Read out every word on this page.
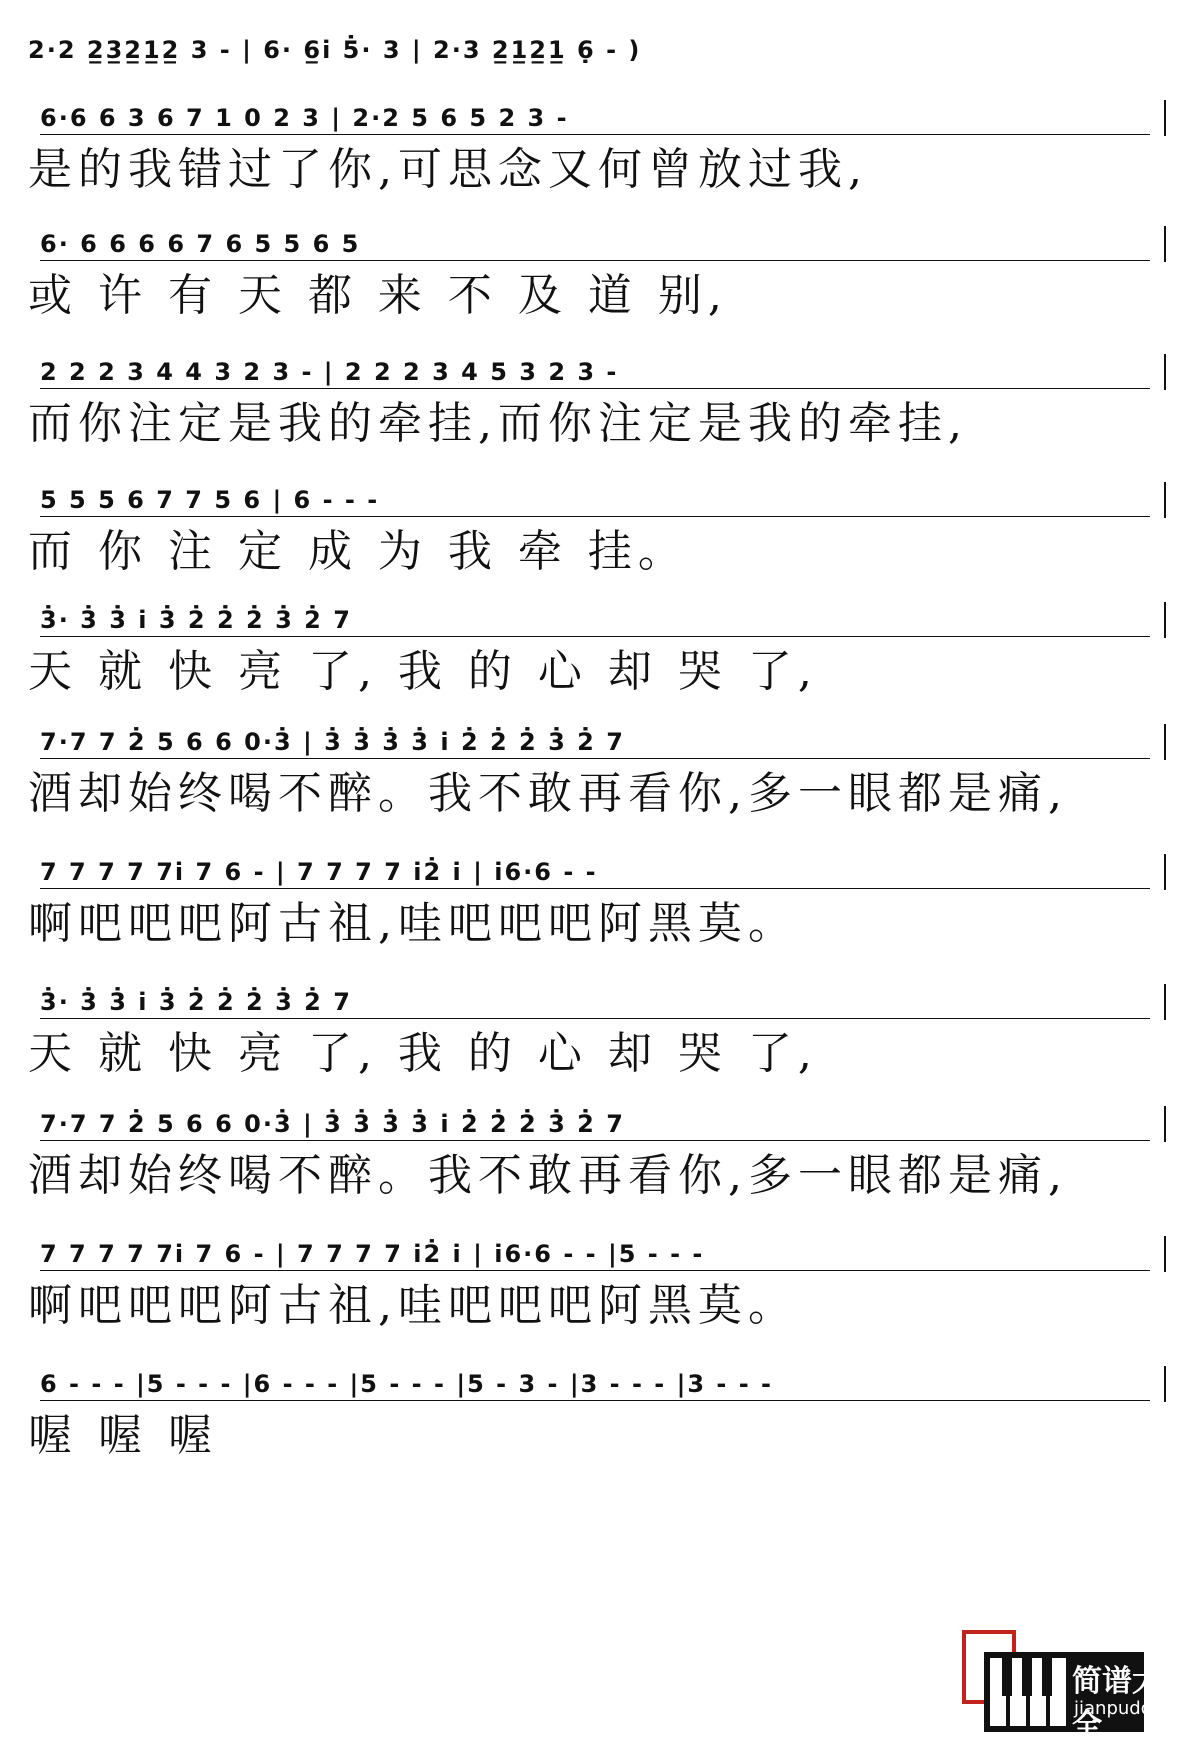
2·2 2̲3̲2̲1̲2̲ 3 - | 6· 6̲i̇ 5̇̇· 3 | 2·3 2̲1̲2̲1̲ 6̣ - )
6·6 6 3 6 7 1 0 2 3 | 2·2 5 6 5 2 3 -
是的我错过了你,可思念又何曾放过我,
6· 6 6 6 6 7 6 5 5 6 5
或 许 有 天 都 来 不 及 道 别,
2 2 2 3 4 4 3 2 3 - | 2 2 2 3 4 5 3 2 3 -
而你注定是我的牵挂,而你注定是我的牵挂,
5 5 5 6 7 7 5 6 | 6 - - -
而 你 注 定 成 为 我 牵 挂。
3̇· 3̇ 3̇ i̇ 3̇ 2̇ 2̇ 2̇ 3̇ 2̇ 7
天 就 快 亮 了, 我 的 心 却 哭 了,
7·7 7 2̇ 5 6 6 0·3̇ | 3̇ 3̇ 3̇ 3̇ i̇ 2̇ 2̇ 2̇ 3̇ 2̇ 7
酒却始终喝不醉。我不敢再看你,多一眼都是痛,
7 7 7 7 7i̇ 7 6 - | 7 7 7 7 i̇2̇ i̇ | i̇6·6 - -
啊吧吧吧阿古祖,哇吧吧吧阿黑莫。
3̇· 3̇ 3̇ i̇ 3̇ 2̇ 2̇ 2̇ 3̇ 2̇ 7
天 就 快 亮 了, 我 的 心 却 哭 了,
7·7 7 2̇ 5 6 6 0·3̇ | 3̇ 3̇ 3̇ 3̇ i̇ 2̇ 2̇ 2̇ 3̇ 2̇ 7
酒却始终喝不醉。我不敢再看你,多一眼都是痛,
7 7 7 7 7i̇ 7 6 - | 7 7 7 7 i̇2̇ i̇ | i̇6·6 - - |5 - - -
啊吧吧吧阿古祖,哇吧吧吧阿黑莫。
6 - - - |5 - - - |6 - - - |5 - - - |5 - 3 - |3 - - - |3 - - -
喔 喔 喔
简谱大全
jianpudq.com
